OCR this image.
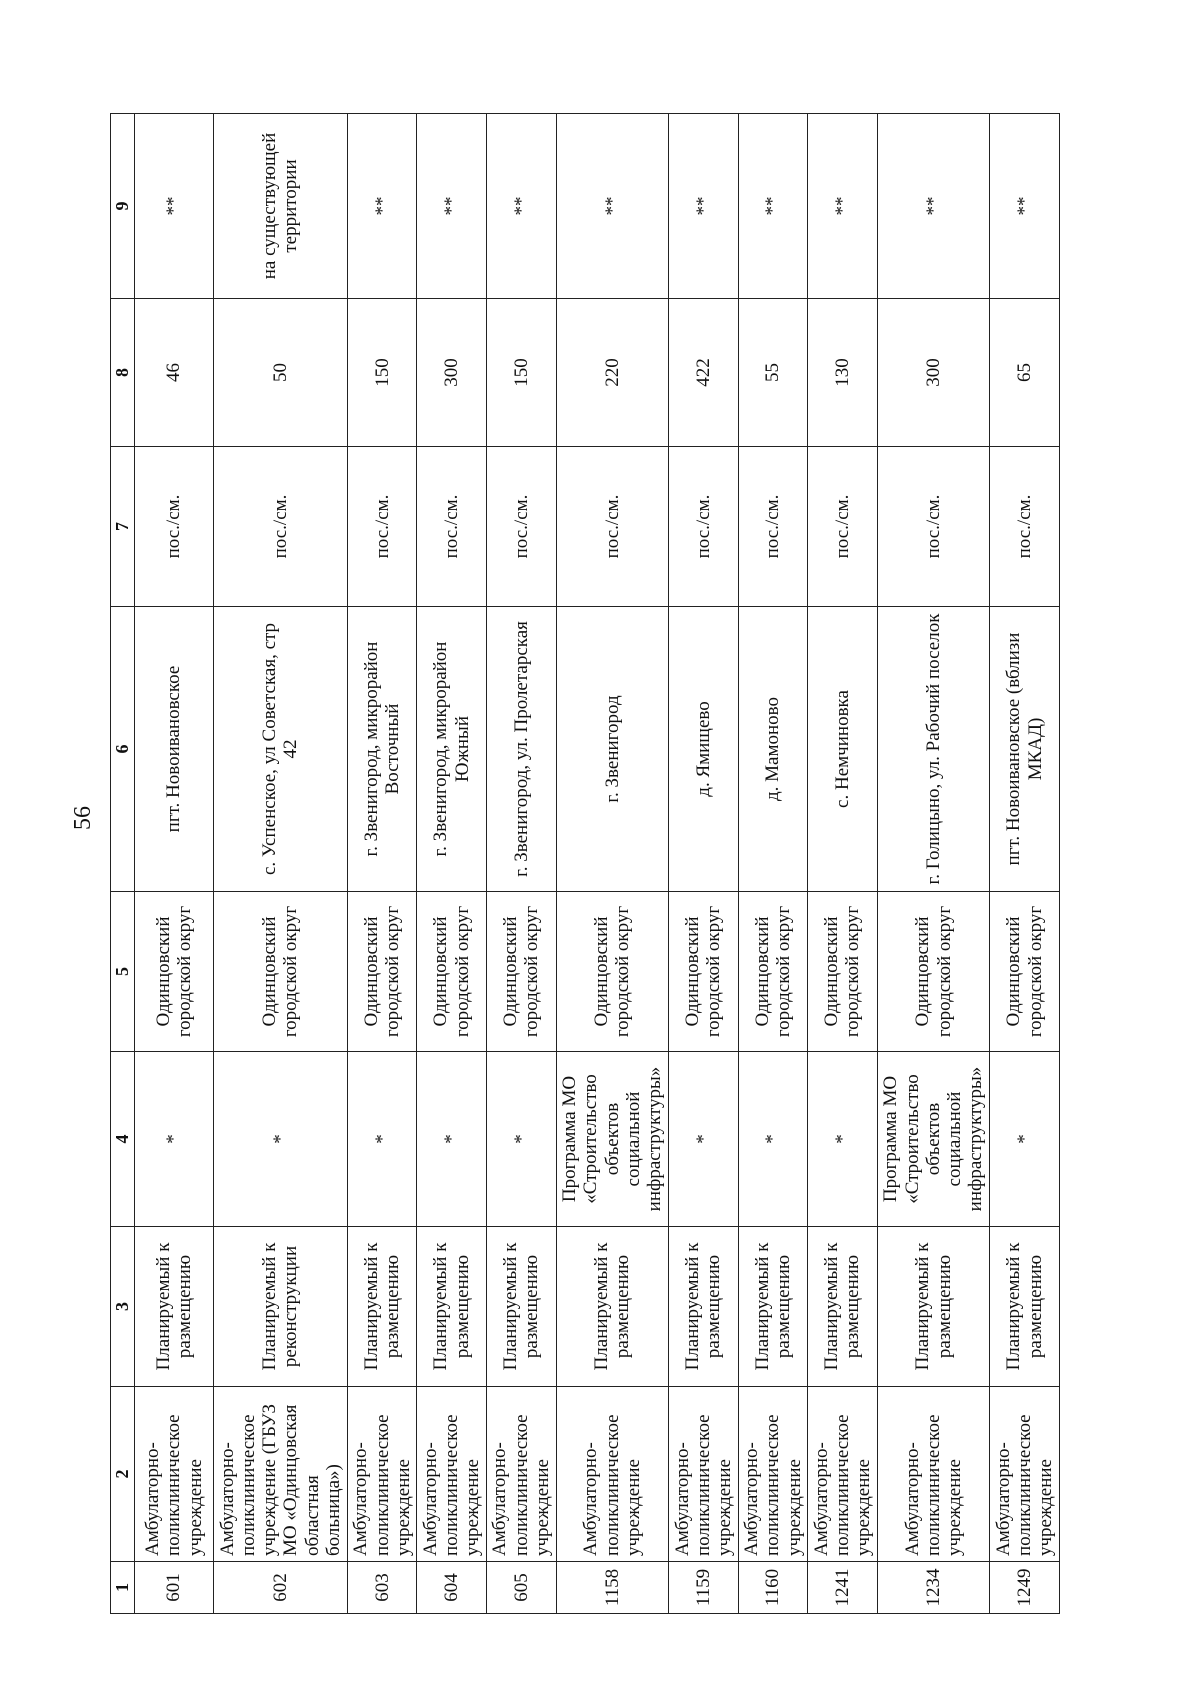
56
1	2	3	4	5	6	7	8	9
601	Амбулаторно-поликлиническое учреждение	Планируемый к размещению	*	Одинцовский городской округ	пгт. Новоивановское	пос./см.	46	**
602	Амбулаторно-поликлиническое учреждение (ГБУЗ МО «Одинцовская областная больница»)	Планируемый к реконструкции	*	Одинцовский городской округ	с. Успенское, ул Советская, стр 42	пос./см.	50	на существующей территории
603	Амбулаторно-поликлиническое учреждение	Планируемый к размещению	*	Одинцовский городской округ	г. Звенигород, микрорайон Восточный	пос./см.	150	**
604	Амбулаторно-поликлиническое учреждение	Планируемый к размещению	*	Одинцовский городской округ	г. Звенигород, микрорайон Южный	пос./см.	300	**
605	Амбулаторно-поликлиническое учреждение	Планируемый к размещению	*	Одинцовский городской округ	г. Звенигород, ул. Пролетарская	пос./см.	150	**
1158	Амбулаторно-поликлиническое учреждение	Планируемый к размещению	Программа МО «Строительство объектов социальной инфраструктуры»	Одинцовский городской округ	г. Звенигород	пос./см.	220	**
1159	Амбулаторно-поликлиническое учреждение	Планируемый к размещению	*	Одинцовский городской округ	д. Ямищево	пос./см.	422	**
1160	Амбулаторно-поликлиническое учреждение	Планируемый к размещению	*	Одинцовский городской округ	д. Мамоново	пос./см.	55	**
1241	Амбулаторно-поликлиническое учреждение	Планируемый к размещению	*	Одинцовский городской округ	с. Немчиновка	пос./см.	130	**
1234	Амбулаторно-поликлиническое учреждение	Планируемый к размещению	Программа МО «Строительство объектов социальной инфраструктуры»	Одинцовский городской округ	г. Голицыно, ул. Рабочий поселок	пос./см.	300	**
1249	Амбулаторно-поликлиническое учреждение	Планируемый к размещению	*	Одинцовский городской округ	пгт. Новоивановское (вблизи МКАД)	пос./см.	65	**
